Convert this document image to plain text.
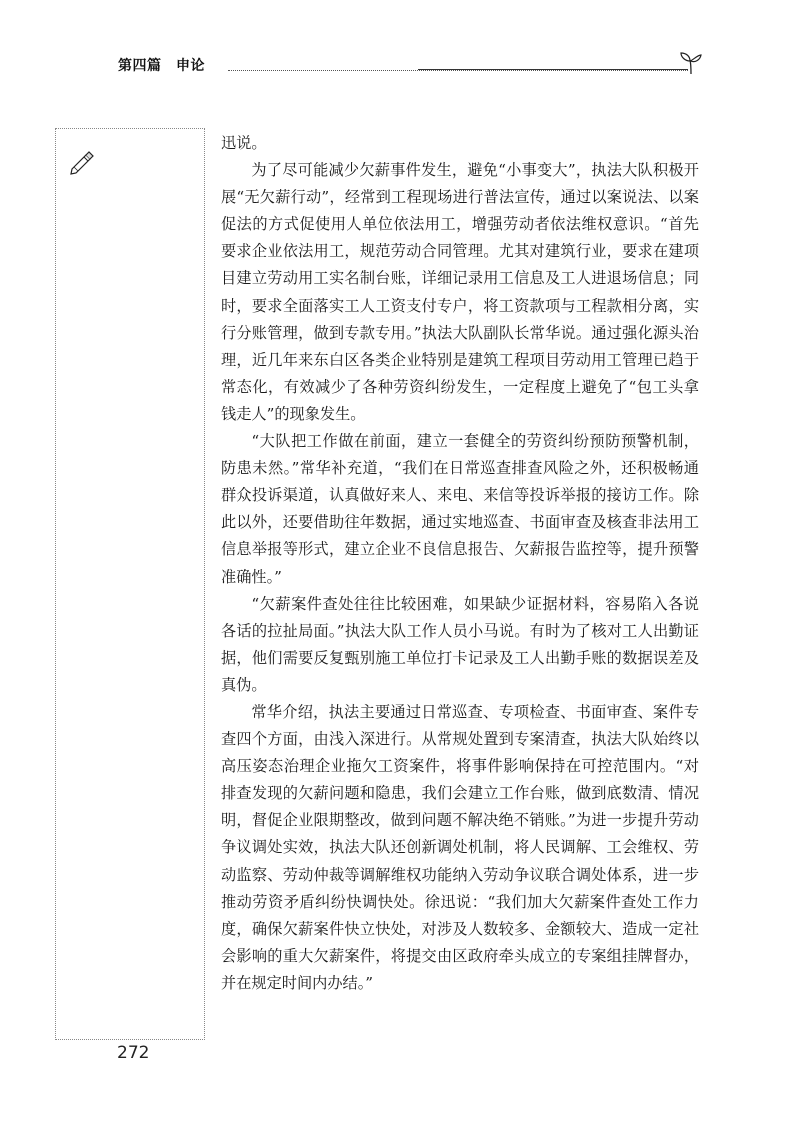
第四篇　申论

迅说。

为了尽可能减少欠薪事件发生，避免“小事变大”，执法大队积极开展“无欠薪行动”，经常到工程现场进行普法宣传，通过以案说法、以案促法的方式促使用人单位依法用工，增强劳动者依法维权意识。“首先要求企业依法用工，规范劳动合同管理。尤其对建筑行业，要求在建项目建立劳动用工实名制台账，详细记录用工信息及工人进退场信息；同时，要求全面落实工人工资支付专户，将工资款项与工程款相分离，实行分账管理，做到专款专用。”执法大队副队长常华说。通过强化源头治理，近几年来东白区各类企业特别是建筑工程项目劳动用工管理已趋于常态化，有效减少了各种劳资纠纷发生，一定程度上避免了“包工头拿钱走人”的现象发生。

“大队把工作做在前面，建立一套健全的劳资纠纷预防预警机制，防患未然。”常华补充道，“我们在日常巡查排查风险之外，还积极畅通群众投诉渠道，认真做好来人、来电、来信等投诉举报的接访工作。除此以外，还要借助往年数据，通过实地巡查、书面审查及核查非法用工信息举报等形式，建立企业不良信息报告、欠薪报告监控等，提升预警准确性。”

“欠薪案件查处往往比较困难，如果缺少证据材料，容易陷入各说各话的拉扯局面。”执法大队工作人员小马说。有时为了核对工人出勤证据，他们需要反复甄别施工单位打卡记录及工人出勤手账的数据误差及真伪。

常华介绍，执法主要通过日常巡查、专项检查、书面审查、案件专查四个方面，由浅入深进行。从常规处置到专案清查，执法大队始终以高压姿态治理企业拖欠工资案件，将事件影响保持在可控范围内。“对排查发现的欠薪问题和隐患，我们会建立工作台账，做到底数清、情况明，督促企业限期整改，做到问题不解决绝不销账。”为进一步提升劳动争议调处实效，执法大队还创新调处机制，将人民调解、工会维权、劳动监察、劳动仲裁等调解维权功能纳入劳动争议联合调处体系，进一步推动劳资矛盾纠纷快调快处。徐迅说：“我们加大欠薪案件查处工作力度，确保欠薪案件快立快处，对涉及人数较多、金额较大、造成一定社会影响的重大欠薪案件，将提交由区政府牵头成立的专案组挂牌督办，并在规定时间内办结。”

272
